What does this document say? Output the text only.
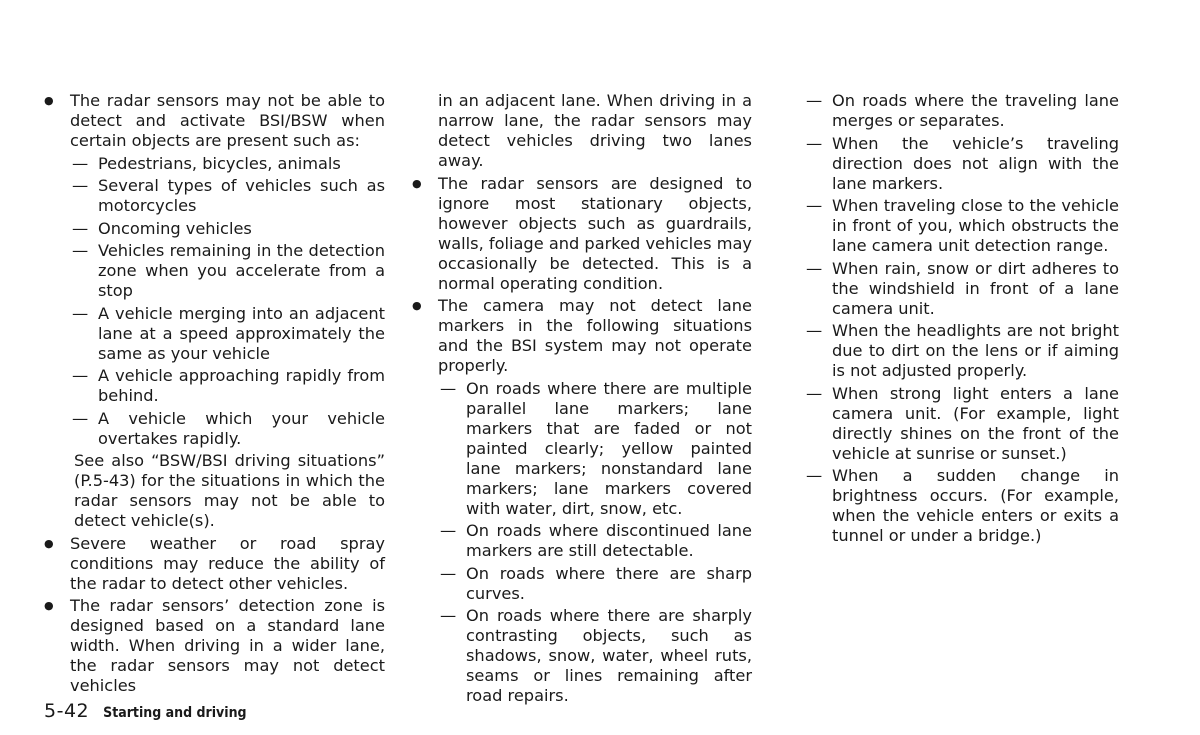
● The radar sensors may not be able to detect and activate BSI/BSW when certain objects are present such as:

— Pedestrians, bicycles, animals

— Several types of vehicles such as motorcycles

— Oncoming vehicles

— Vehicles remaining in the detection zone when you accelerate from a stop

— A vehicle merging into an adjacent lane at a speed approximately the same as your vehicle

— A vehicle approaching rapidly from behind.

— A vehicle which your vehicle overtakes rapidly.

See also “BSW/BSI driving situations” (P.5-43) for the situations in which the radar sensors may not be able to detect vehicle(s).

● Severe weather or road spray conditions may reduce the ability of the radar to detect other vehicles.

● The radar sensors’ detection zone is designed based on a standard lane width. When driving in a wider lane, the radar sensors may not detect vehicles

in an adjacent lane. When driving in a narrow lane, the radar sensors may detect vehicles driving two lanes away.

● The radar sensors are designed to ignore most stationary objects, however objects such as guardrails, walls, foliage and parked vehicles may occasionally be detected. This is a normal operating condition.

● The camera may not detect lane markers in the following situations and the BSI system may not operate properly.

— On roads where there are multiple parallel lane markers; lane markers that are faded or not painted clearly; yellow painted lane markers; nonstandard lane markers; lane markers covered with water, dirt, snow, etc.

— On roads where discontinued lane markers are still detectable.

— On roads where there are sharp curves.

— On roads where there are sharply contrasting objects, such as shadows, snow, water, wheel ruts, seams or lines remaining after road repairs.

— On roads where the traveling lane merges or separates.

— When the vehicle’s traveling direction does not align with the lane markers.

— When traveling close to the vehicle in front of you, which obstructs the lane camera unit detection range.

— When rain, snow or dirt adheres to the windshield in front of a lane camera unit.

— When the headlights are not bright due to dirt on the lens or if aiming is not adjusted properly.

— When strong light enters a lane camera unit. (For example, light directly shines on the front of the vehicle at sunrise or sunset.)

— When a sudden change in brightness occurs. (For example, when the vehicle enters or exits a tunnel or under a bridge.)

5-42 Starting and driving
